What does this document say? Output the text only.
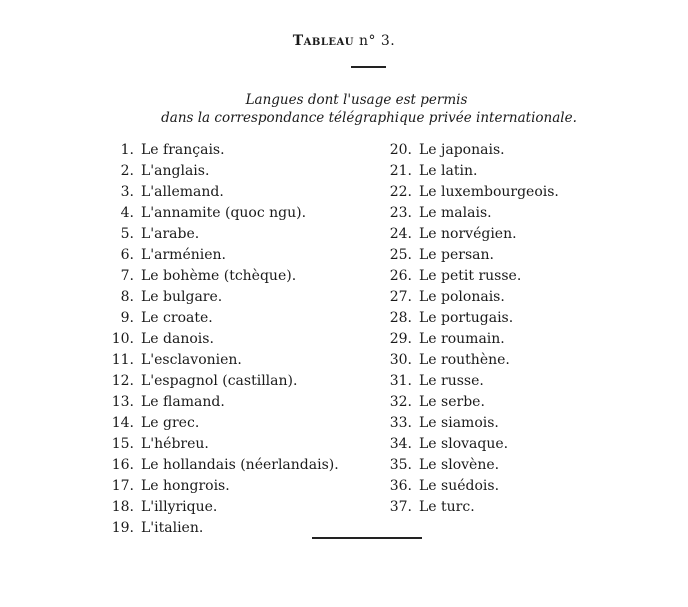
Tableau n° 3.
Langues dont l'usage est permis
dans la correspondance télégraphique privée internationale.
1.  Le français.
2.  L'anglais.
3.  L'allemand.
4.  L'annamite (quoc ngu).
5.  L'arabe.
6.  L'arménien.
7.  Le bohème (tchèque).
8.  Le bulgare.
9.  Le croate.
10.  Le danois.
11.  L'esclavonien.
12.  L'espagnol (castillan).
13.  Le flamand.
14.  Le grec.
15.  L'hébreu.
16.  Le hollandais (néerlandais).
17.  Le hongrois.
18.  L'illyrique.
19.  L'italien.
20.  Le japonais.
21.  Le latin.
22.  Le luxembourgeois.
23.  Le malais.
24.  Le norvégien.
25.  Le persan.
26.  Le petit russe.
27.  Le polonais.
28.  Le portugais.
29.  Le roumain.
30.  Le routhène.
31.  Le russe.
32.  Le serbe.
33.  Le siamois.
34.  Le slovaque.
35.  Le slovène.
36.  Le suédois.
37.  Le turc.
